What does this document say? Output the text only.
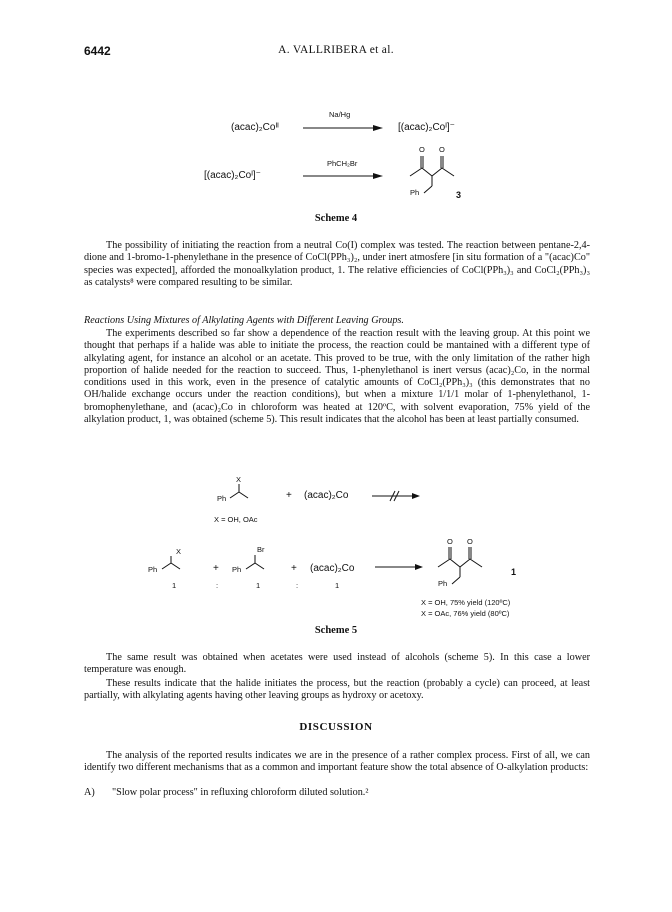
6442	A. VALLRIBERA et al.
(acac)₂Coᴵᴵ
Na/Hg
[(acac)₂Coᴵ]⁻
[(acac)₂Coᴵ]⁻
PhCH₂Br
O O
Ph	3
Scheme 4

The possibility of initiating the reaction from a neutral Co(I) complex was tested. The reaction between pentane-2,4-dione and 1-bromo-1-phenylethane in the presence of CoCl(PPh₃)₂, under inert atmosfere [in situ formation of a "(acac)Co" species was expected], afforded the monoalkylation product, 1. The relative efficiencies of CoCl(PPh₃)₃ and CoCl₂(PPh₃)₃ as catalysts⁸ were compared resulting to be similar.

Reactions Using Mixtures of Alkylating Agents with Different Leaving Groups.

The experiments described so far show a dependence of the reaction result with the leaving group. At this point we thought that perhaps if a halide was able to initiate the process, the reaction could be mantained with a different type of alkylating agent, for instance an alcohol or an acetate. This proved to be true, with the only limitation of the rather high proportion of halide needed for the reaction to succeed. Thus, 1-phenylethanol is inert versus (acac)₂Co, in the normal conditions used in this work, even in the presence of catalytic amounts of CoCl₂(PPh₃)₃ (this demonstrates that no OH/halide exchange occurs under the reaction conditions), but when a mixture 1/1/1 molar of 1-phenylethanol, 1-bromophenylethane, and (acac)₂Co in chloroform was heated at 120ºC, with solvent evaporation, 75% yield of the alkylation product, 1, was obtained (scheme 5). This result indicates that the alcohol has been at least partially consumed.

X
Ph	+ (acac)₂Co
X = OH, OAc
X
Ph	+
Br
Ph	+ (acac)₂Co
1	:	1	:	1
O O
Ph
1
X = OH, 75% yield (120ºC)
X = OAc, 76% yield (80ºC)
Scheme 5

The same result was obtained when acetates were used instead of alcohols (scheme 5). In this case a lower temperature was enough.

These results indicate that the halide initiates the process, but the reaction (probably a cycle) can proceed, at least partially, with alkylating agents having other leaving groups as hydroxy or acetoxy.

DISCUSSION

The analysis of the reported results indicates we are in the presence of a rather complex process. First of all, we can identify two different mechanisms that as a common and important feature show the total absence of O-alkylation products:

A) "Slow polar process" in refluxing chloroform diluted solution.²
